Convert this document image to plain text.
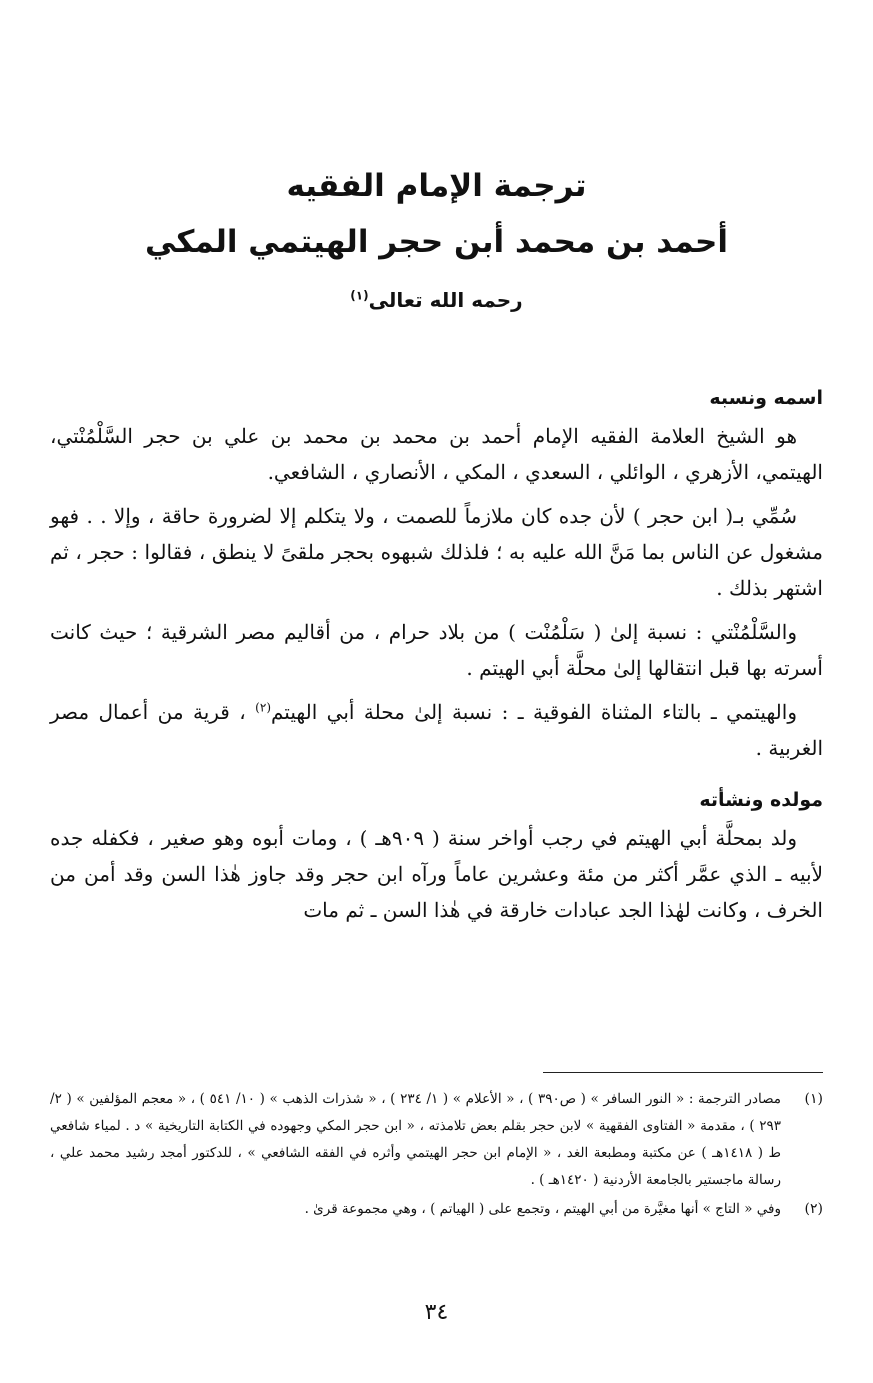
ترجمة الإمام الفقيه
أحمد بن محمد أبن حجر الهيتمي المكي
رحمه الله تعالى$^{(١)}$
اسمه ونسبه

هو الشيخ العلامة الفقيه الإمام أحمد بن محمد بن محمد بن علي بن حجر السَّلْمُنْتي، الهيتمي، الأزهري ، الوائلي ، السعدي ، المكي ، الأنصاري ، الشافعي.

سُمِّي بـ( ابن حجر ) لأن جده كان ملازماً للصمت ، ولا يتكلم إلا لضرورة حاقة ، وإلا . . فهو مشغول عن الناس بما مَنَّ الله عليه به ؛ فلذلك شبهوه بحجر ملقىً لا ينطق ، فقالوا : حجر ، ثم اشتهر بذلك .

والسَّلْمُنْتي : نسبة إلىٰ ( سَلْمُنْت ) من بلاد حرام ، من أقاليم مصر الشرقية ؛ حيث كانت أسرته بها قبل انتقالها إلىٰ محلَّة أبي الهيتم .

والهيتمي ـ بالتاء المثناة الفوقية ـ : نسبة إلىٰ محلة أبي الهيتم$^{(٢)}$ ، قرية من أعمال مصر الغربية .

مولده ونشأته

ولد بمحلَّة أبي الهيتم في رجب أواخر سنة ( ٩٠٩هـ ) ، ومات أبوه وهو صغير ، فكفله جده لأبيه ـ الذي عمَّر أكثر من مئة وعشرين عاماً ورآه ابن حجر وقد جاوز هٰذا السن وقد أمن من الخرف ، وكانت لهٰذا الجد عبادات خارقة في هٰذا السن ـ ثم مات

(١)
مصادر الترجمة : « النور السافر » ( ص٣٩٠ ) ، « الأعلام » ( ١/ ٢٣٤ ) ، « شذرات الذهب » ( ١٠/ ٥٤١ ) ، « معجم المؤلفين » ( ٢/ ٢٩٣ ) ، مقدمة « الفتاوى الفقهية » لابن حجر بقلم بعض تلامذته ، « ابن حجر المكي وجهوده في الكتابة التاريخية » د . لمياء شافعي ط ( ١٤١٨هـ ) عن مكتبة ومطبعة الغد ، « الإمام ابن حجر الهيتمي وأثره في الفقه الشافعي » ، للدكتور أمجد رشيد محمد علي ، رسالة ماجستير بالجامعة الأردنية ( ١٤٢٠هـ ) .
(٢)
وفي « التاج » أنها مغيَّرة من أبي الهيتم ، وتجمع على ( الهياتم ) ، وهي مجموعة قرىٰ .
٣٤
